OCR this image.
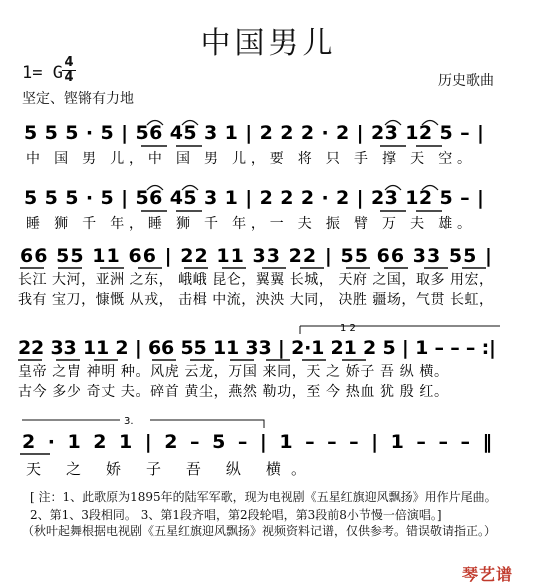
中国男儿
1= G
4
4
坚定、铿锵有力地
历史歌曲
5 5 5 · 5 | 56 45 3 1 | 2 2 2 · 2 | 23 12 5 – |
中 国 男 儿，中 国 男 儿，要 将 只 手 撑 天 空。
5 5 5 · 5 | 56 45 3 1 | 2 2 2 · 2 | 23 12 5 – |
睡 狮 千 年，睡 狮 千 年，一 夫 振 臂 万 夫 雄。
66 55 11 66 | 22 11 33 22 | 55 66 33 55 |
长江 大河，亚洲 之东， 峨峨 昆仑，翼翼 长城， 天府 之国，取多 用宏，
我有 宝刀，慷慨 从戎， 击楫 中流，泱泱 大同， 决胜 疆场，气贯 长虹，
1 2
22 33 11 2 | 66 55 11 33 | 2·1 21 2 5 | 1 – – – :|
皇帝 之胄 神明 种。风虎 云龙，万国 来同，天 之 娇子 吾 纵 横。
古今 多少 奇丈 夫。碎首 黄尘，燕然 勒功，至 今 热血 犹 殷 红。
3.
2 · 1 2 1 | 2 – 5 – | 1 – – – | 1 – – – ‖
天 之 娇 子 吾 纵 横。
[ 注：1、此歌原为1895年的陆军军歌，现为电视剧《五星红旗迎风飘扬》用作片尾曲。
2、第1、3段相同。 3、第1段齐唱，第2段轮唱，第3段前8小节慢一倍演唱。]
（秋叶起舞根据电视剧《五星红旗迎风飘扬》视频资料记谱，仅供参考。错误敬请指正。）
琴艺谱
